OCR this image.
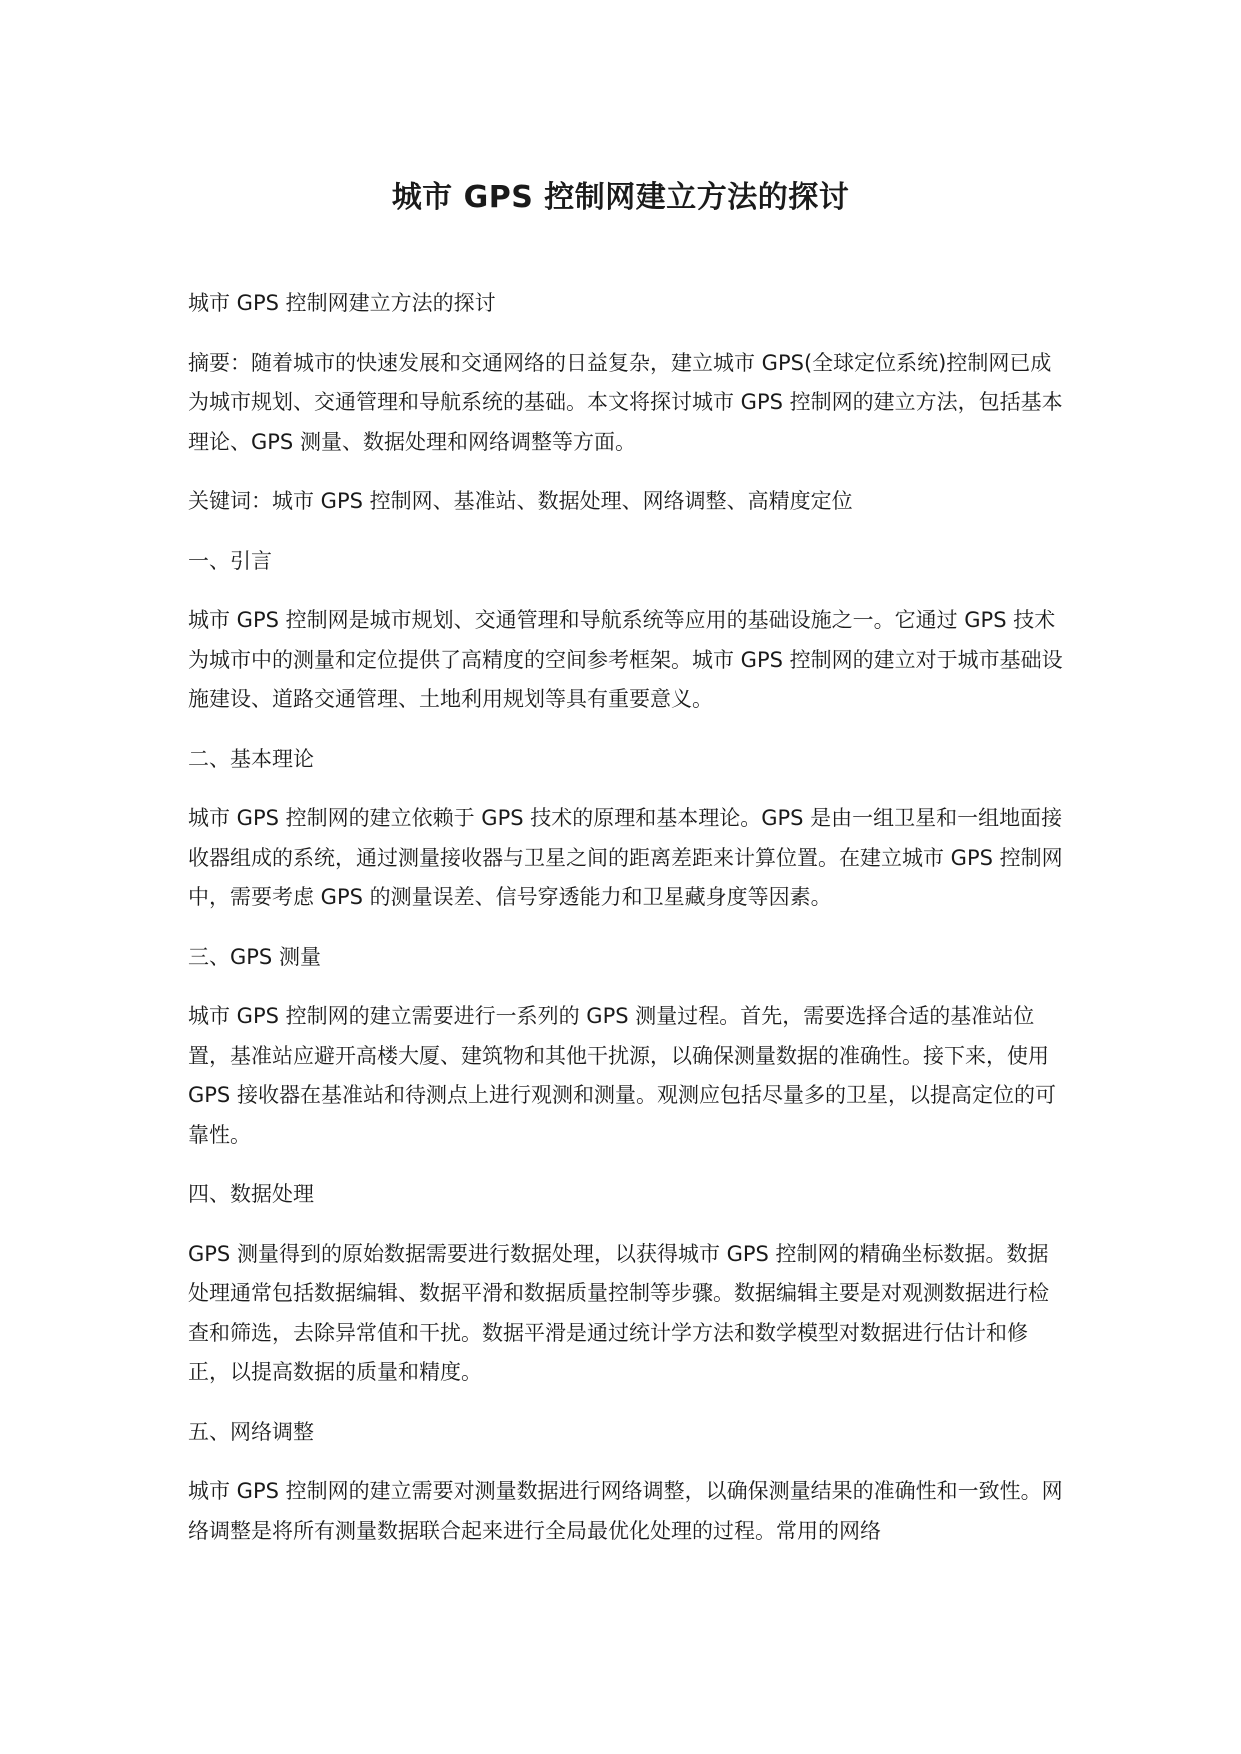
城市 GPS 控制网建立方法的探讨

城市 GPS 控制网建立方法的探讨

摘要：随着城市的快速发展和交通网络的日益复杂，建立城市 GPS(全球定位系统)控制网已成为城市规划、交通管理和导航系统的基础。本文将探讨城市 GPS 控制网的建立方法，包括基本理论、GPS 测量、数据处理和网络调整等方面。

关键词：城市 GPS 控制网、基准站、数据处理、网络调整、高精度定位

一、引言

城市 GPS 控制网是城市规划、交通管理和导航系统等应用的基础设施之一。它通过 GPS 技术为城市中的测量和定位提供了高精度的空间参考框架。城市 GPS 控制网的建立对于城市基础设施建设、道路交通管理、土地利用规划等具有重要意义。

二、基本理论

城市 GPS 控制网的建立依赖于 GPS 技术的原理和基本理论。GPS 是由一组卫星和一组地面接收器组成的系统，通过测量接收器与卫星之间的距离差距来计算位置。在建立城市 GPS 控制网中，需要考虑 GPS 的测量误差、信号穿透能力和卫星藏身度等因素。

三、GPS 测量

城市 GPS 控制网的建立需要进行一系列的 GPS 测量过程。首先，需要选择合适的基准站位置，基准站应避开高楼大厦、建筑物和其他干扰源，以确保测量数据的准确性。接下来，使用 GPS 接收器在基准站和待测点上进行观测和测量。观测应包括尽量多的卫星，以提高定位的可靠性。

四、数据处理

GPS 测量得到的原始数据需要进行数据处理，以获得城市 GPS 控制网的精确坐标数据。数据处理通常包括数据编辑、数据平滑和数据质量控制等步骤。数据编辑主要是对观测数据进行检查和筛选，去除异常值和干扰。数据平滑是通过统计学方法和数学模型对数据进行估计和修正，以提高数据的质量和精度。

五、网络调整

城市 GPS 控制网的建立需要对测量数据进行网络调整，以确保测量结果的准确性和一致性。网络调整是将所有测量数据联合起来进行全局最优化处理的过程。常用的网络
